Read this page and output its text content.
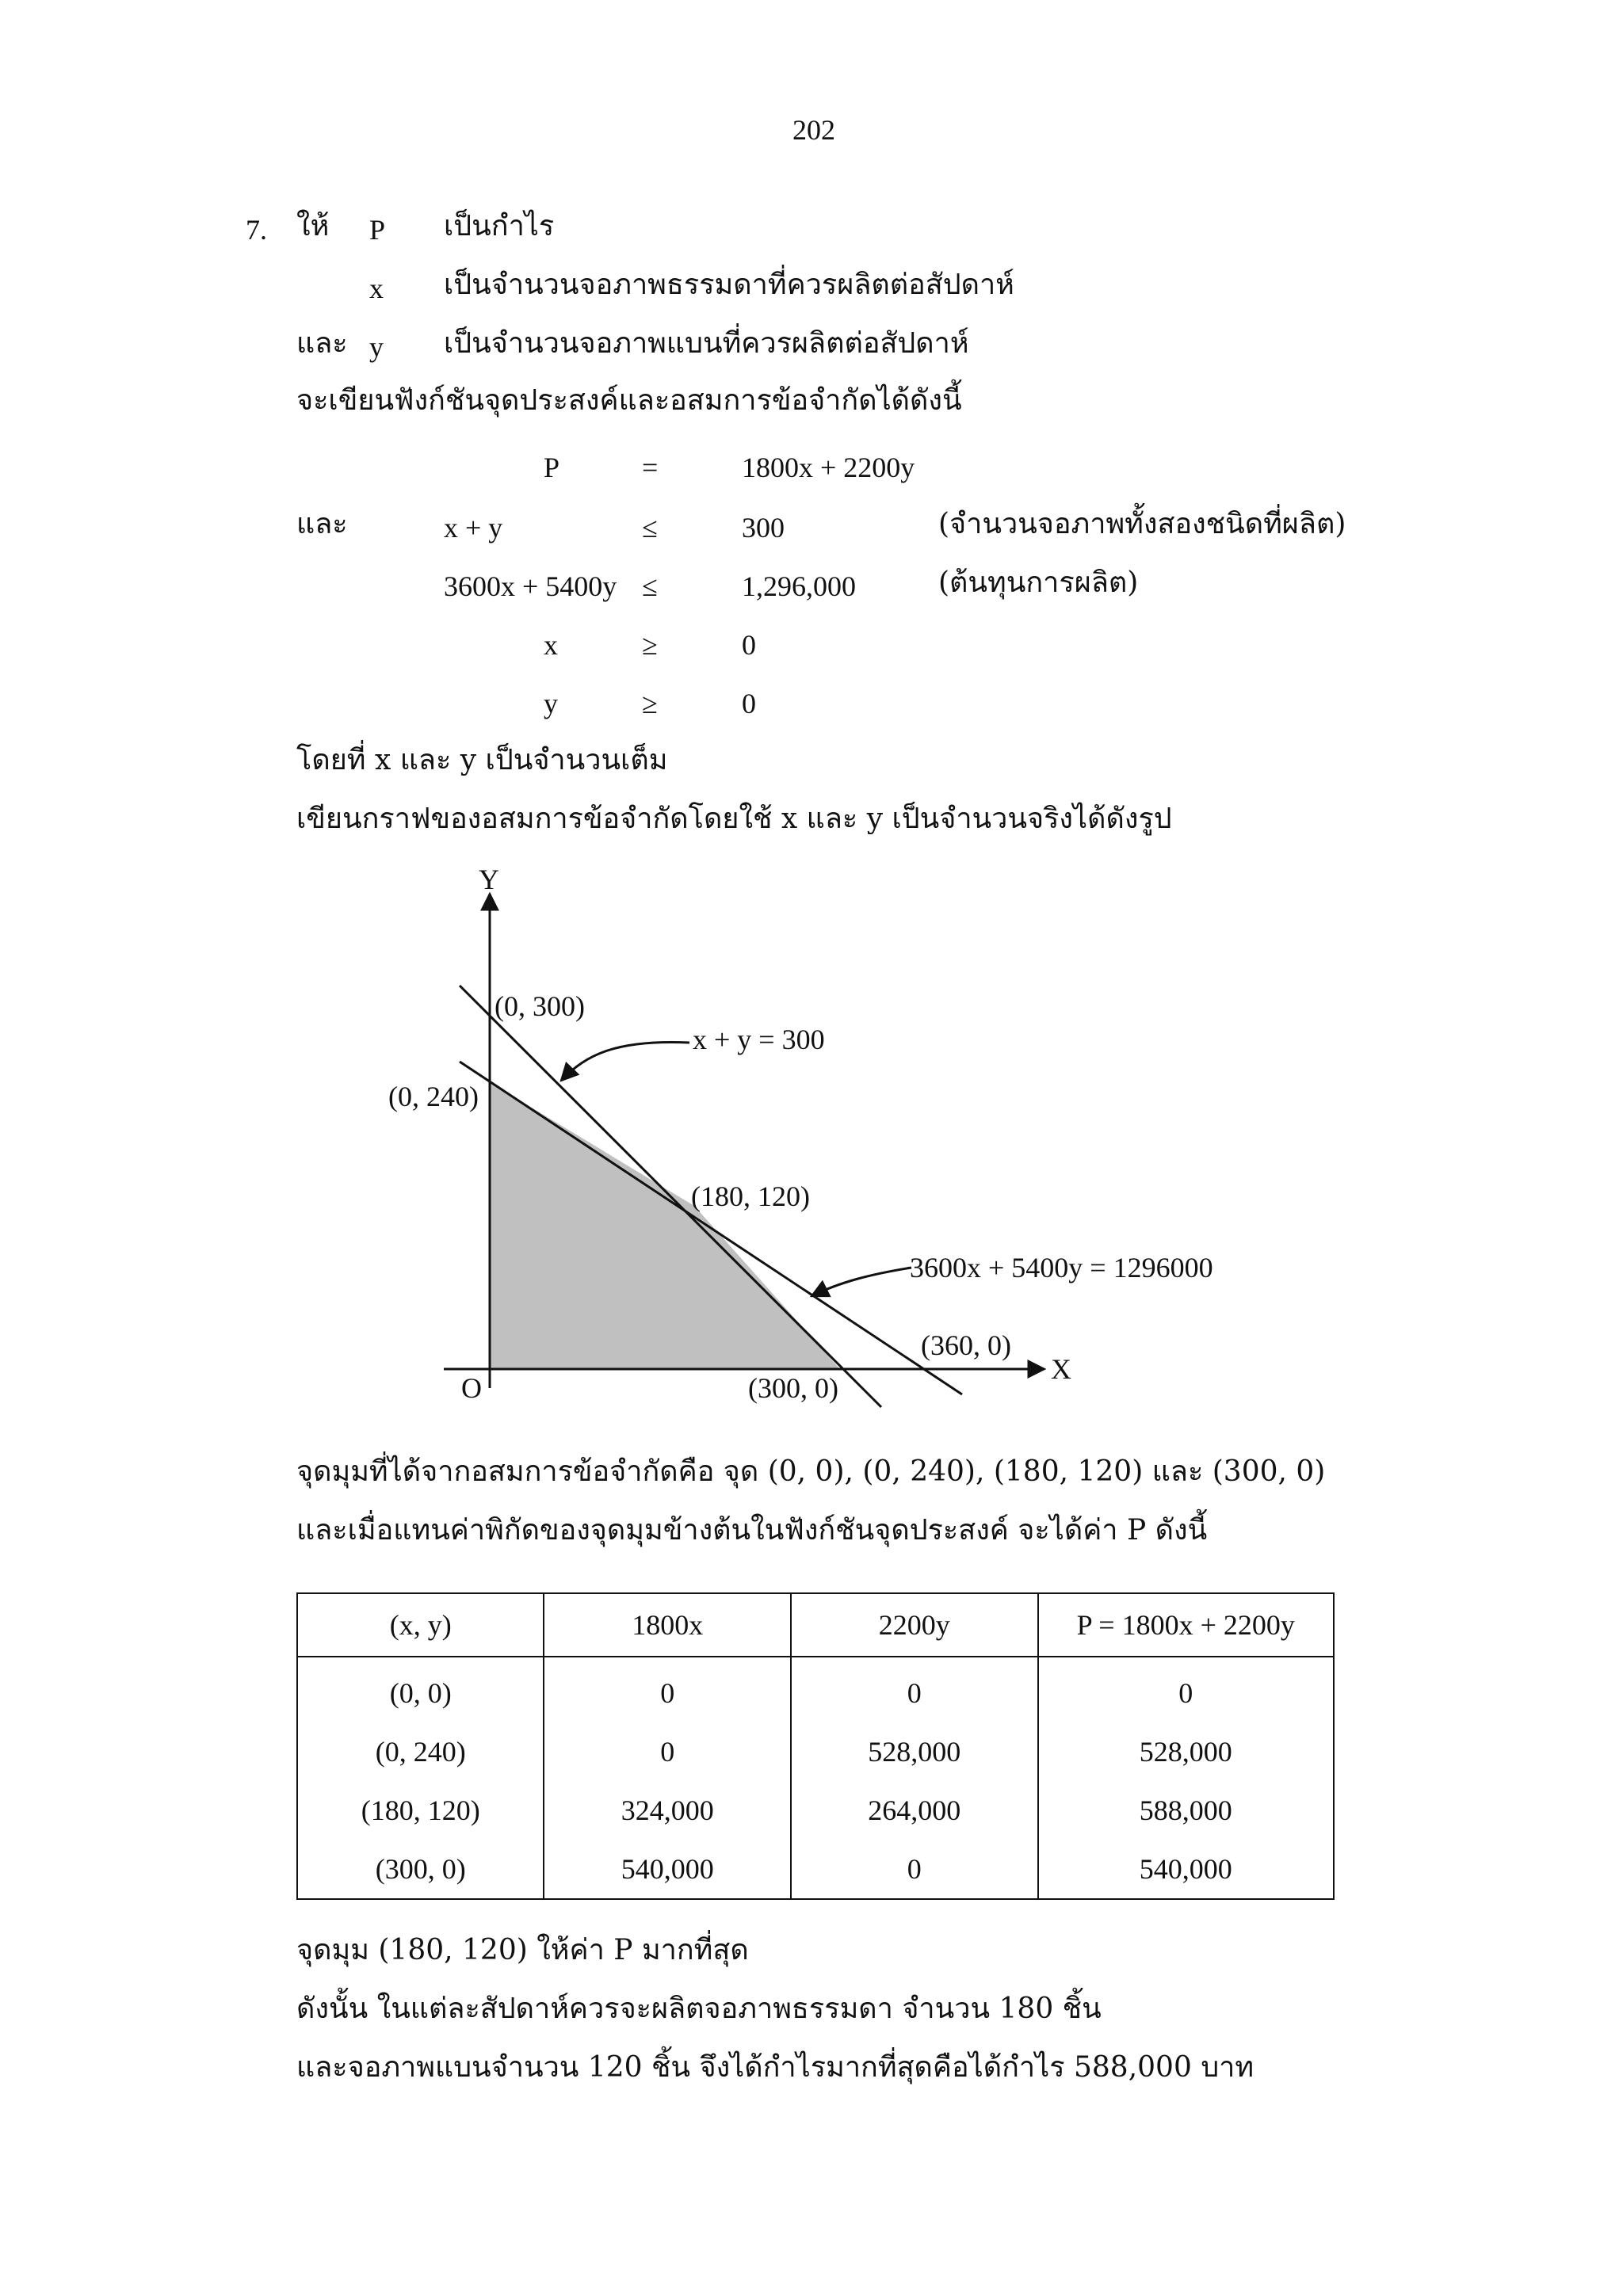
202
7. ให้ P เป็นกำไร
x เป็นจำนวนจอภาพธรรมดาที่ควรผลิตต่อสัปดาห์
และ y เป็นจำนวนจอภาพแบนที่ควรผลิตต่อสัปดาห์
จะเขียนฟังก์ชันจุดประสงค์และอสมการข้อจำกัดได้ดังนี้
P	=	1800x + 2200y
และ	x + y	≤	300	(จำนวนจอภาพทั้งสองชนิดที่ผลิต)
3600x + 5400y ≤	1,296,000	(ต้นทุนการผลิต)
x	≥	0
y	≥	0
โดยที่ x และ y เป็นจำนวนเต็ม
เขียนกราฟของอสมการข้อจำกัดโดยใช้ x และ y เป็นจำนวนจริงได้ดังรูป
Y
X
O
(0, 300)
(0, 240)
(180, 120)
(360, 0)
(300, 0)
x + y = 300
3600x + 5400y = 1296000
จุดมุมที่ได้จากอสมการข้อจำกัดคือ จุด (0, 0), (0, 240), (180, 120) และ (300, 0)
และเมื่อแทนค่าพิกัดของจุดมุมข้างต้นในฟังก์ชันจุดประสงค์ จะได้ค่า P ดังนี้
(x, y)	1800x	2200y	P = 1800x + 2200y
(0, 0)	0	0	0
(0, 240)	0	528,000	528,000
(180, 120)	324,000	264,000	588,000
(300, 0)	540,000	0	540,000
จุดมุม (180, 120) ให้ค่า P มากที่สุด
ดังนั้น ในแต่ละสัปดาห์ควรจะผลิตจอภาพธรรมดา จำนวน 180 ชิ้น
และจอภาพแบนจำนวน 120 ชิ้น จึงได้กำไรมากที่สุดคือได้กำไร 588,000 บาท
